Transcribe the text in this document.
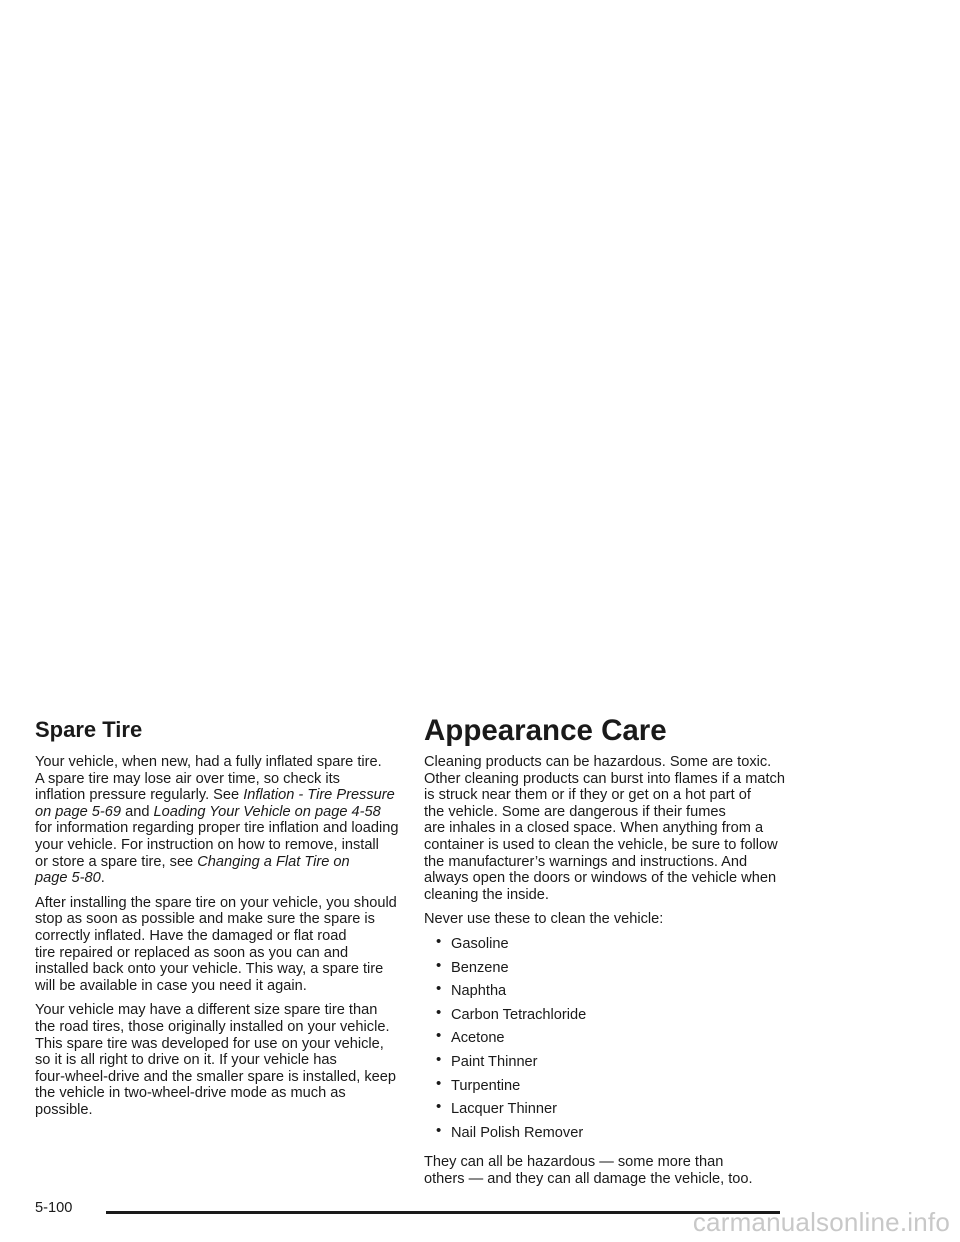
Spare Tire

Your vehicle, when new, had a fully inflated spare tire.
A spare tire may lose air over time, so check its
inflation pressure regularly. See Inflation - Tire Pressure
on page 5-69 and Loading Your Vehicle on page 4-58
for information regarding proper tire inflation and loading
your vehicle. For instruction on how to remove, install
or store a spare tire, see Changing a Flat Tire on
page 5-80.

After installing the spare tire on your vehicle, you should
stop as soon as possible and make sure the spare is
correctly inflated. Have the damaged or flat road
tire repaired or replaced as soon as you can and
installed back onto your vehicle. This way, a spare tire
will be available in case you need it again.

Your vehicle may have a different size spare tire than
the road tires, those originally installed on your vehicle.
This spare tire was developed for use on your vehicle,
so it is all right to drive on it. If your vehicle has
four-wheel-drive and the smaller spare is installed, keep
the vehicle in two-wheel-drive mode as much as
possible.

Appearance Care

Cleaning products can be hazardous. Some are toxic.
Other cleaning products can burst into flames if a match
is struck near them or if they or get on a hot part of
the vehicle. Some are dangerous if their fumes
are inhales in a closed space. When anything from a
container is used to clean the vehicle, be sure to follow
the manufacturer’s warnings and instructions. And
always open the doors or windows of the vehicle when
cleaning the inside.

Never use these to clean the vehicle:

• Gasoline
• Benzene
• Naphtha
• Carbon Tetrachloride
• Acetone
• Paint Thinner
• Turpentine
• Lacquer Thinner
• Nail Polish Remover

They can all be hazardous — some more than
others — and they can all damage the vehicle, too.

5-100	carmanualsonline.info
